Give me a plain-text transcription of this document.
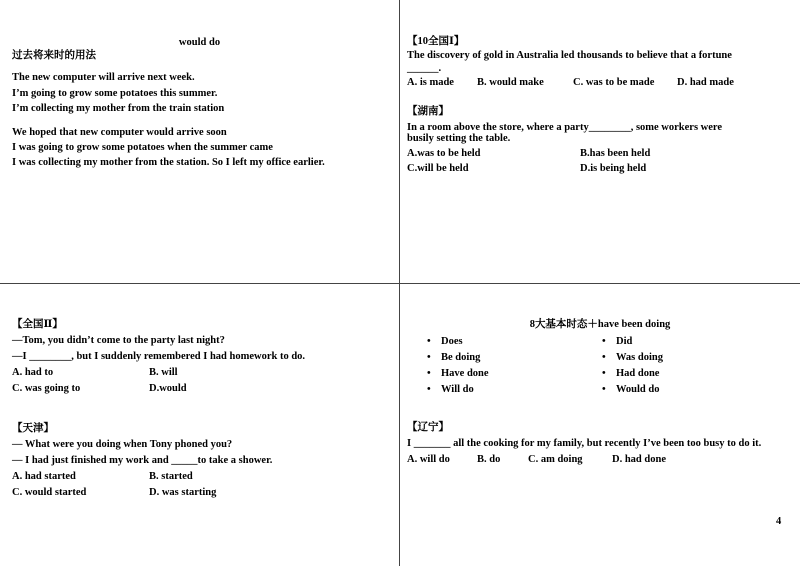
would do
过去将来时的用法
The new computer will arrive next week.
I’m going to grow some potatoes this summer.
I’m collecting my mother from the train station
We hoped that new computer would arrive soon
I was going to grow some potatoes when the summer came
I was collecting my mother from the station. So I left my office earlier.
【10全国Ⅰ】
The discovery of gold in Australia led thousands to believe that a fortune
______.
A. is made B. would make	C. was to be made D. had made
【湖南】
In a room above the store, where a party________, some workers were
busily setting the table.
A.was to be held	B.has been held
C.will be held	D.is being held
【全国Ⅱ】
—Tom, you didn’t come to the party last night?
—I ________, but I suddenly remembered I had homework to do.
A. had to	B. will
C. was going to	D.would
【天津】
— What were you doing when Tony phoned you?
— I had just finished my work and _____to take a shower.
A. had started	B. started
C. would started	D. was starting
8大基本时态＋have been doing
• Does
• Be doing
• Have done
• Will do
• Did
• Was doing
• Had done
• Would do
【辽宁】
I _______ all the cooking for my family, but recently I’ve been too busy to do it.
A. will do	B. do	C. am doing	D. had done
4
